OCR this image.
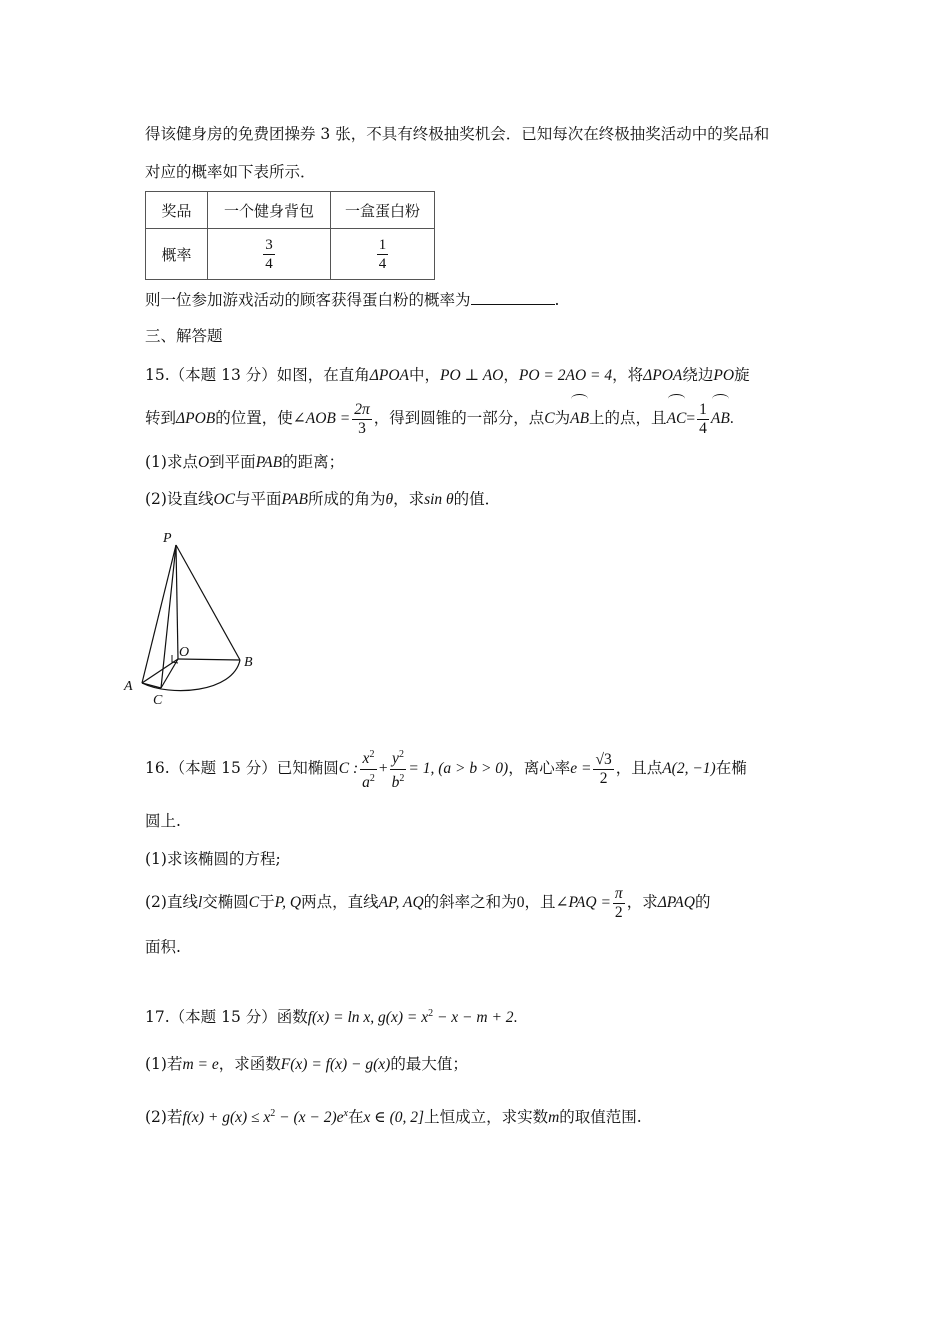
得该健身房的免费团操券 3 张，不具有终极抽奖机会．已知每次在终极抽奖活动中的奖品和
对应的概率如下表所示．
奖品	一个健身背包	一盒蛋白粉
概率	$\frac{3}{4}$	$\frac{1}{4}$
则一位参加游戏活动的顾客获得蛋白粉的概率为	.
三、解答题
15.（本题 13 分）如图，在直角ΔPOA中，PO ⊥ AO，PO = 2AO = 4，将ΔPOA绕边PO旋
转到ΔPOB的位置，使∠AOB = $\frac{2\pi}{3}$ ，得到圆锥的一部分，点C为AB上的点，且$AC= \frac{1}{4}$ AB.
(1)求点O到平面PAB的距离；
(2)设直线OC与平面PAB所成的角为θ，求sin θ的值．
P
O
B
A
C
16.（本题 15 分）已知椭圆C : $\frac{x^2}{a^2} + \frac{y^2}{b^2} = 1$, (a > b > 0)，离心率$e = \frac{√3}{2}$ ，且点A(2, −1)在椭
圆上.
(1)求该椭圆的方程;
(2)直线l交椭圆C于P, Q两点，直线AP, AQ的斜率之和为0，且∠PAQ = $\frac{\pi}{2}$ ，求ΔPAQ的
面积.
17.（本题 15 分）函数f(x) = ln x, $g(x) = x^2 - x - m + 2$.
(1)若m = e，求函数F(x) = f(x) − g(x)的最大值；
(2)若$f(x) + g(x) \le x^2 - (x - 2)e^x$在x ∈ (0, 2]上恒成立，求实数m的取值范围.
